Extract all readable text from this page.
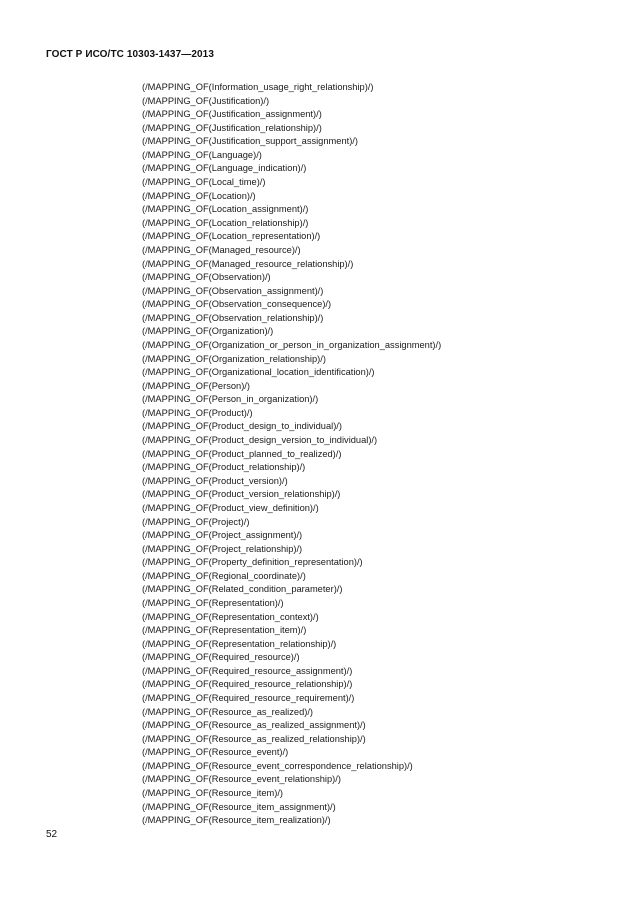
ГОСТ Р ИСО/ТС 10303-1437—2013
(/MAPPING_OF(Information_usage_right_relationship)/)
(/MAPPING_OF(Justification)/)
(/MAPPING_OF(Justification_assignment)/)
(/MAPPING_OF(Justification_relationship)/)
(/MAPPING_OF(Justification_support_assignment)/)
(/MAPPING_OF(Language)/)
(/MAPPING_OF(Language_indication)/)
(/MAPPING_OF(Local_time)/)
(/MAPPING_OF(Location)/)
(/MAPPING_OF(Location_assignment)/)
(/MAPPING_OF(Location_relationship)/)
(/MAPPING_OF(Location_representation)/)
(/MAPPING_OF(Managed_resource)/)
(/MAPPING_OF(Managed_resource_relationship)/)
(/MAPPING_OF(Observation)/)
(/MAPPING_OF(Observation_assignment)/)
(/MAPPING_OF(Observation_consequence)/)
(/MAPPING_OF(Observation_relationship)/)
(/MAPPING_OF(Organization)/)
(/MAPPING_OF(Organization_or_person_in_organization_assignment)/)
(/MAPPING_OF(Organization_relationship)/)
(/MAPPING_OF(Organizational_location_identification)/)
(/MAPPING_OF(Person)/)
(/MAPPING_OF(Person_in_organization)/)
(/MAPPING_OF(Product)/)
(/MAPPING_OF(Product_design_to_individual)/)
(/MAPPING_OF(Product_design_version_to_individual)/)
(/MAPPING_OF(Product_planned_to_realized)/)
(/MAPPING_OF(Product_relationship)/)
(/MAPPING_OF(Product_version)/)
(/MAPPING_OF(Product_version_relationship)/)
(/MAPPING_OF(Product_view_definition)/)
(/MAPPING_OF(Project)/)
(/MAPPING_OF(Project_assignment)/)
(/MAPPING_OF(Project_relationship)/)
(/MAPPING_OF(Property_definition_representation)/)
(/MAPPING_OF(Regional_coordinate)/)
(/MAPPING_OF(Related_condition_parameter)/)
(/MAPPING_OF(Representation)/)
(/MAPPING_OF(Representation_context)/)
(/MAPPING_OF(Representation_item)/)
(/MAPPING_OF(Representation_relationship)/)
(/MAPPING_OF(Required_resource)/)
(/MAPPING_OF(Required_resource_assignment)/)
(/MAPPING_OF(Required_resource_relationship)/)
(/MAPPING_OF(Required_resource_requirement)/)
(/MAPPING_OF(Resource_as_realized)/)
(/MAPPING_OF(Resource_as_realized_assignment)/)
(/MAPPING_OF(Resource_as_realized_relationship)/)
(/MAPPING_OF(Resource_event)/)
(/MAPPING_OF(Resource_event_correspondence_relationship)/)
(/MAPPING_OF(Resource_event_relationship)/)
(/MAPPING_OF(Resource_item)/)
(/MAPPING_OF(Resource_item_assignment)/)
(/MAPPING_OF(Resource_item_realization)/)
52
